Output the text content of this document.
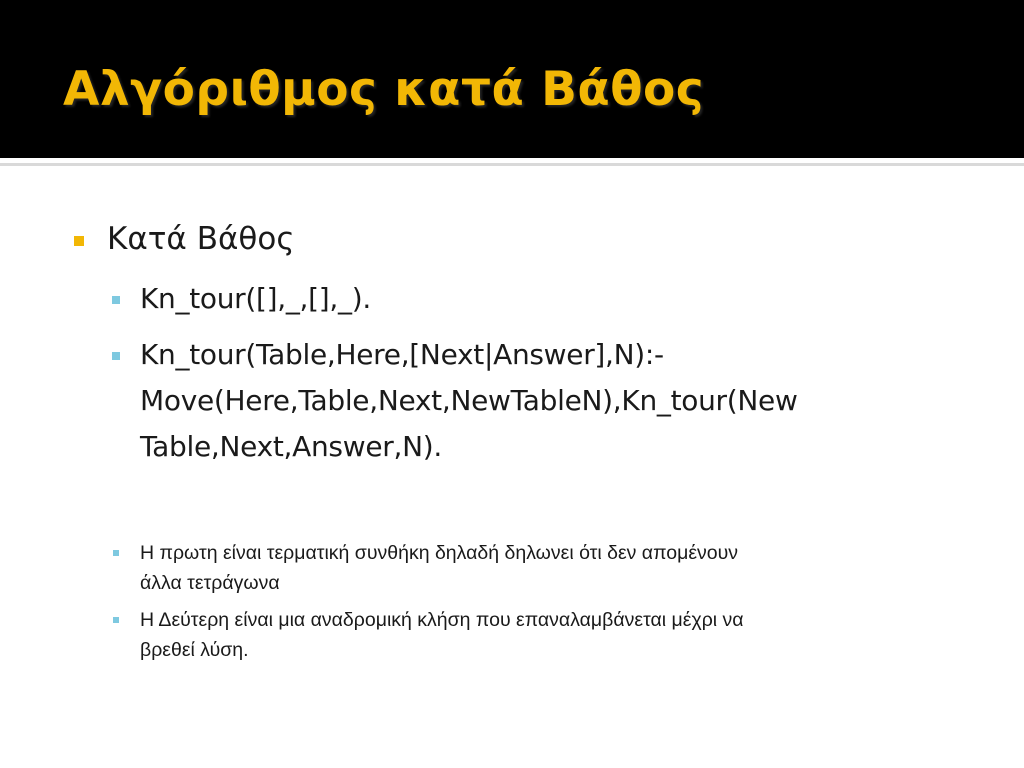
Αλγόριθμος κατά Βάθος
Κατά Βάθος
Kn_tour([],_,[],_).
Kn_tour(Table,Here,[Next|Answer],N):-
Move(Here,Table,Next,NewTableN),Kn_tour(New
Table,Next,Answer,N).
Η πρωτη είναι τερματική συνθήκη δηλαδή δηλωνει ότι δεν απομένουν
άλλα τετράγωνα
Η Δεύτερη είναι μια αναδρομική κλήση που επαναλαμβάνεται μέχρι να
βρεθεί λύση.
